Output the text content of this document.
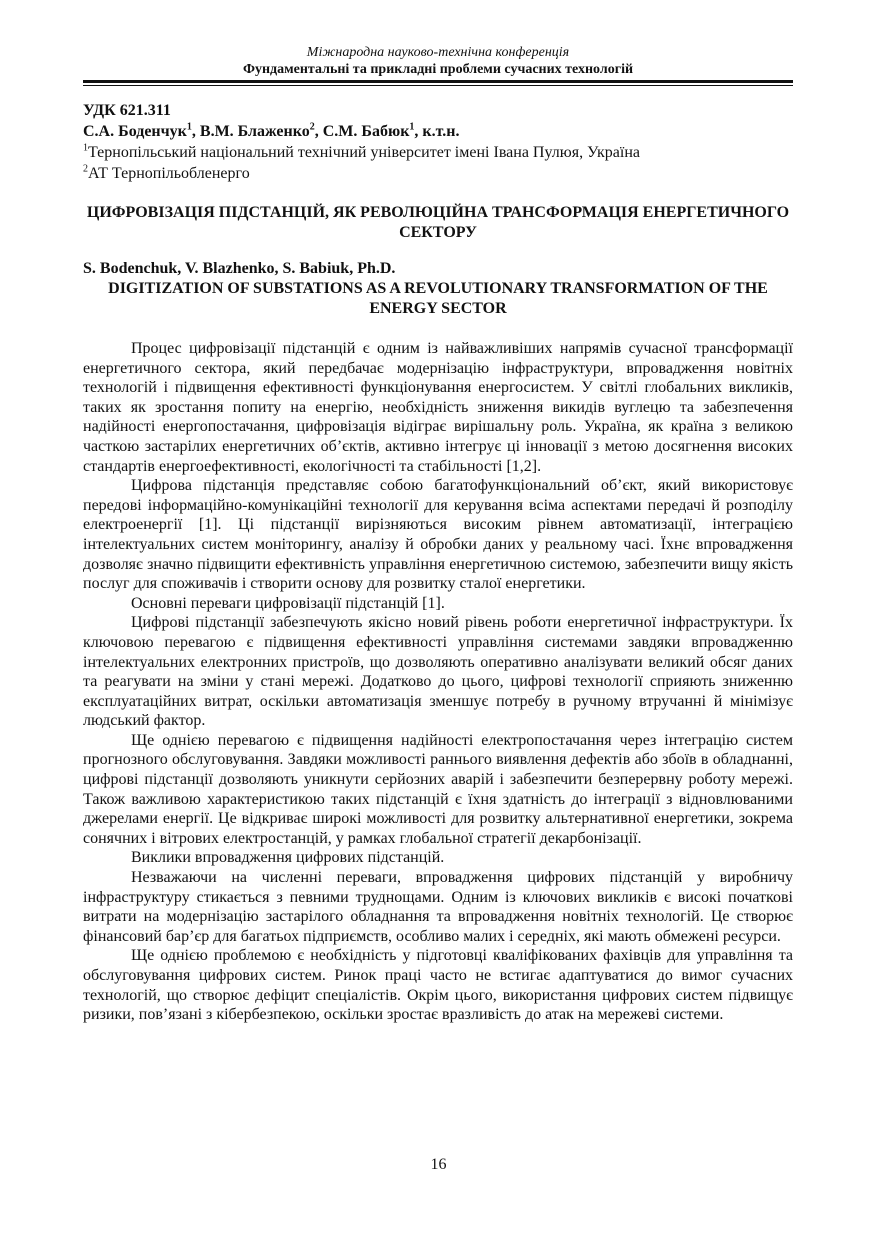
Міжнародна науково-технічна конференція
Фундаментальні та прикладні проблеми сучасних технологій
УДК 621.311
С.А. Боденчук$^1$, В.М. Блаженко$^2$, С.М. Бабюк$^1$, к.т.н.
$^1$Тернопільський національний технічний університет імені Івана Пулюя, Україна
$^2$АТ Тернопільобленерго
ЦИФРОВІЗАЦІЯ ПІДСТАНЦІЙ, ЯК РЕВОЛЮЦІЙНА ТРАНСФОРМАЦІЯ ЕНЕРГЕТИЧНОГО СЕКТОРУ
S. Bodenchuk, V. Blazhenko, S. Babiuk, Ph.D.
DIGITIZATION OF SUBSTATIONS AS A REVOLUTIONARY TRANSFORMATION OF THE ENERGY SECTOR

Процес цифровізації підстанцій є одним із найважливіших напрямів сучасної трансформації енергетичного сектора, який передбачає модернізацію інфраструктури, впровадження новітніх технологій і підвищення ефективності функціонування енергосистем. У світлі глобальних викликів, таких як зростання попиту на енергію, необхідність зниження викидів вуглецю та забезпечення надійності енергопостачання, цифровізація відіграє вирішальну роль. Україна, як країна з великою часткою застарілих енергетичних об’єктів, активно інтегрує ці інновації з метою досягнення високих стандартів енергоефективності, екологічності та стабільності [1,2].

Цифрова підстанція представляє собою багатофункціональний об’єкт, який використовує передові інформаційно-комунікаційні технології для керування всіма аспектами передачі й розподілу електроенергії [1]. Ці підстанції вирізняються високим рівнем автоматизації, інтеграцією інтелектуальних систем моніторингу, аналізу й обробки даних у реальному часі. Їхнє впровадження дозволяє значно підвищити ефективність управління енергетичною системою, забезпечити вищу якість послуг для споживачів і створити основу для розвитку сталої енергетики.

Основні переваги цифровізації підстанцій [1].

Цифрові підстанції забезпечують якісно новий рівень роботи енергетичної інфраструктури. Їх ключовою перевагою є підвищення ефективності управління системами завдяки впровадженню інтелектуальних електронних пристроїв, що дозволяють оперативно аналізувати великий обсяг даних та реагувати на зміни у стані мережі. Додатково до цього, цифрові технології сприяють зниженню експлуатаційних витрат, оскільки автоматизація зменшує потребу в ручному втручанні й мінімізує людський фактор.

Ще однією перевагою є підвищення надійності електропостачання через інтеграцію систем прогнозного обслуговування. Завдяки можливості раннього виявлення дефектів або збоїв в обладнанні, цифрові підстанції дозволяють уникнути серйозних аварій і забезпечити безперервну роботу мережі. Також важливою характеристикою таких підстанцій є їхня здатність до інтеграції з відновлюваними джерелами енергії. Це відкриває широкі можливості для розвитку альтернативної енергетики, зокрема сонячних і вітрових електростанцій, у рамках глобальної стратегії декарбонізації.

Виклики впровадження цифрових підстанцій.

Незважаючи на численні переваги, впровадження цифрових підстанцій у виробничу інфраструктуру стикається з певними труднощами. Одним із ключових викликів є високі початкові витрати на модернізацію застарілого обладнання та впровадження новітніх технологій. Це створює фінансовий бар’єр для багатьох підприємств, особливо малих і середніх, які мають обмежені ресурси.

Ще однією проблемою є необхідність у підготовці кваліфікованих фахівців для управління та обслуговування цифрових систем. Ринок праці часто не встигає адаптуватися до вимог сучасних технологій, що створює дефіцит спеціалістів. Окрім цього, використання цифрових систем підвищує ризики, пов’язані з кібербезпекою, оскільки зростає вразливість до атак на мережеві системи.

16
